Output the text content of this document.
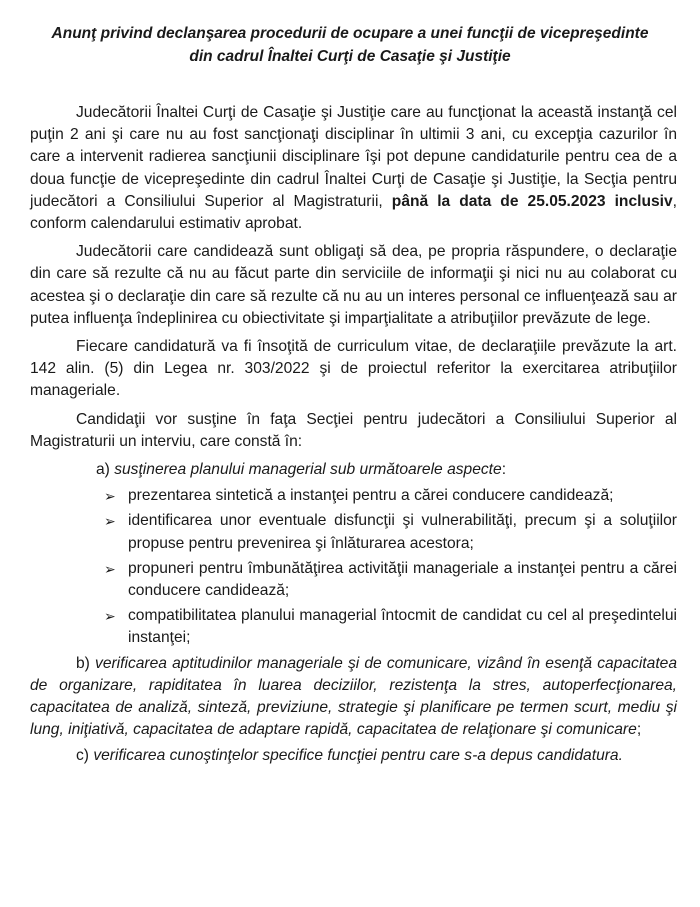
Anunţ privind declanşarea procedurii de ocupare a unei funcţii de vicepreşedinte
din cadrul Înaltei Curţi de Casaţie şi Justiţie

Judecătorii Înaltei Curţi de Casaţie şi Justiţie care au funcţionat la această instanţă cel puţin 2 ani şi care nu au fost sancţionaţi disciplinar în ultimii 3 ani, cu excepţia cazurilor în care a intervenit radierea sancţiunii disciplinare îşi pot depune candidaturile pentru cea de a doua funcţie de vicepreşedinte din cadrul Înaltei Curţi de Casaţie şi Justiţie, la Secţia pentru judecători a Consiliului Superior al Magistraturii, până la data de 25.05.2023 inclusiv, conform calendarului estimativ aprobat.

Judecătorii care candidează sunt obligaţi să dea, pe propria răspundere, o declaraţie din care să rezulte că nu au făcut parte din serviciile de informaţii şi nici nu au colaborat cu acestea şi o declaraţie din care să rezulte că nu au un interes personal ce influenţează sau ar putea influenţa îndeplinirea cu obiectivitate şi imparţialitate a atribuţiilor prevăzute de lege.

Fiecare candidatură va fi însoţită de curriculum vitae, de declaraţiile prevăzute la art. 142 alin. (5) din Legea nr. 303/2022 şi de proiectul referitor la exercitarea atribuţiilor manageriale.

Candidaţii vor susţine în faţa Secţiei pentru judecători a Consiliului Superior al Magistraturii un interviu, care constă în:

a) susţinerea planului managerial sub următoarele aspecte:

➢ prezentarea sintetică a instanţei pentru a cărei conducere candidează;
➢ identificarea unor eventuale disfuncţii şi vulnerabilităţi, precum şi a soluţiilor propuse pentru prevenirea şi înlăturarea acestora;
➢ propuneri pentru îmbunătăţirea activităţii manageriale a instanţei pentru a cărei conducere candidează;
➢ compatibilitatea planului managerial întocmit de candidat cu cel al preşedintelui instanţei;

b) verificarea aptitudinilor manageriale şi de comunicare, vizând în esenţă capacitatea de organizare, rapiditatea în luarea deciziilor, rezistenţa la stres, autoperfecţionarea, capacitatea de analiză, sinteză, previziune, strategie şi planificare pe termen scurt, mediu şi lung, iniţiativă, capacitatea de adaptare rapidă, capacitatea de relaţionare şi comunicare;

c) verificarea cunoştinţelor specifice funcţiei pentru care s-a depus candidatura.
